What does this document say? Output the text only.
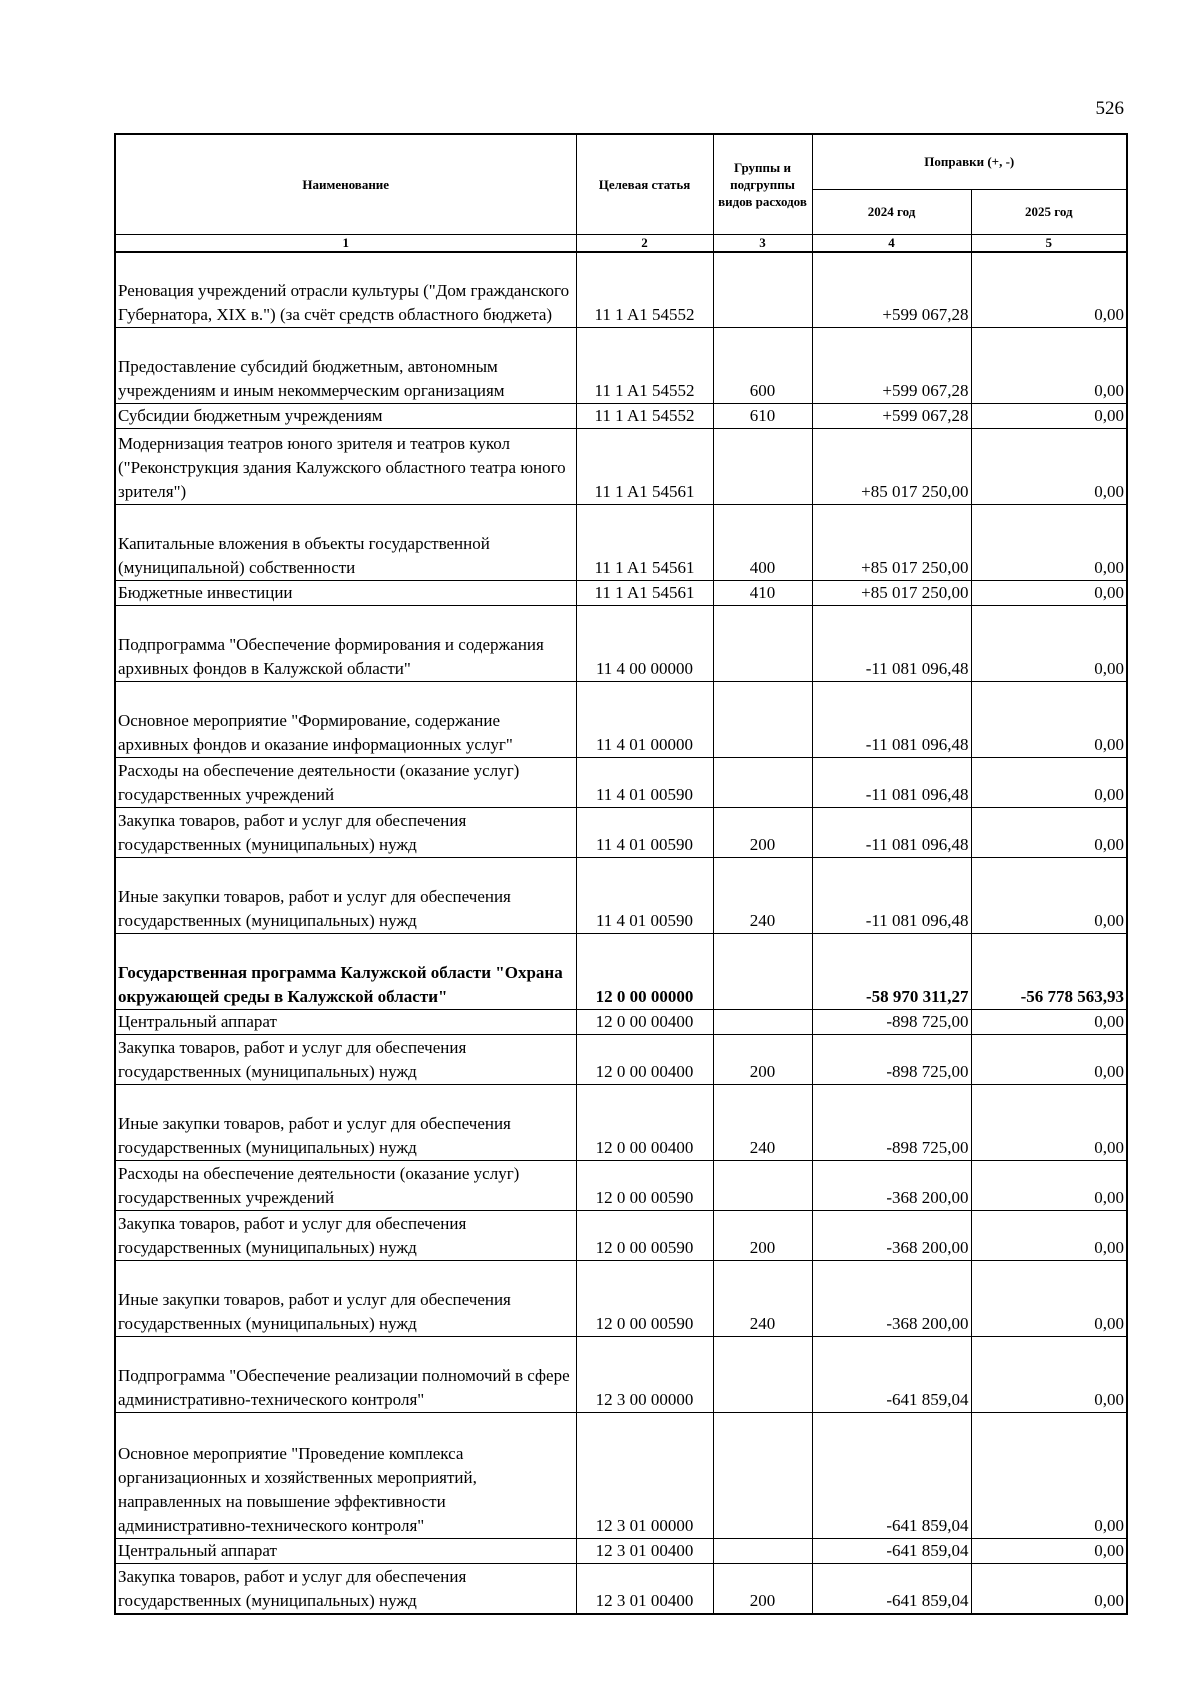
526
Наименование	Целевая статья	Группы и подгруппы видов расходов	Поправки (+, -)	
			2024 год	2025 год
1	2	3	4	5
Реновация учреждений отрасли культуры ("Дом гражданского Губернатора, XIX в.") (за счёт средств областного бюджета)	11 1 A1 54552		+599 067,28	0,00
Предоставление субсидий бюджетным, автономным учреждениям и иным некоммерческим организациям	11 1 A1 54552	600	+599 067,28	0,00
Субсидии бюджетным учреждениям	11 1 A1 54552	610	+599 067,28	0,00
Модернизация театров юного зрителя и театров кукол ("Реконструкция здания Калужского областного театра юного зрителя")	11 1 A1 54561		+85 017 250,00	0,00
Капитальные вложения в объекты государственной (муниципальной) собственности	11 1 A1 54561	400	+85 017 250,00	0,00
Бюджетные инвестиции	11 1 A1 54561	410	+85 017 250,00	0,00
Подпрограмма "Обеспечение формирования и содержания архивных фондов в Калужской области"	11 4 00 00000		-11 081 096,48	0,00
Основное мероприятие "Формирование, содержание архивных фондов и оказание информационных услуг"	11 4 01 00000		-11 081 096,48	0,00
Расходы на обеспечение деятельности (оказание услуг) государственных учреждений	11 4 01 00590		-11 081 096,48	0,00
Закупка товаров, работ и услуг для обеспечения государственных (муниципальных) нужд	11 4 01 00590	200	-11 081 096,48	0,00
Иные закупки товаров, работ и услуг для обеспечения государственных (муниципальных) нужд	11 4 01 00590	240	-11 081 096,48	0,00
Государственная программа Калужской области "Охрана окружающей среды в Калужской области"	12 0 00 00000		-58 970 311,27	-56 778 563,93
Центральный аппарат	12 0 00 00400		-898 725,00	0,00
Закупка товаров, работ и услуг для обеспечения государственных (муниципальных) нужд	12 0 00 00400	200	-898 725,00	0,00
Иные закупки товаров, работ и услуг для обеспечения государственных (муниципальных) нужд	12 0 00 00400	240	-898 725,00	0,00
Расходы на обеспечение деятельности (оказание услуг) государственных учреждений	12 0 00 00590		-368 200,00	0,00
Закупка товаров, работ и услуг для обеспечения государственных (муниципальных) нужд	12 0 00 00590	200	-368 200,00	0,00
Иные закупки товаров, работ и услуг для обеспечения государственных (муниципальных) нужд	12 0 00 00590	240	-368 200,00	0,00
Подпрограмма "Обеспечение реализации полномочий в сфере административно-технического контроля"	12 3 00 00000		-641 859,04	0,00
Основное мероприятие "Проведение комплекса организационных и хозяйственных мероприятий, направленных на повышение эффективности административно-технического контроля"	12 3 01 00000		-641 859,04	0,00
Центральный аппарат	12 3 01 00400		-641 859,04	0,00
Закупка товаров, работ и услуг для обеспечения государственных (муниципальных) нужд	12 3 01 00400	200	-641 859,04	0,00
